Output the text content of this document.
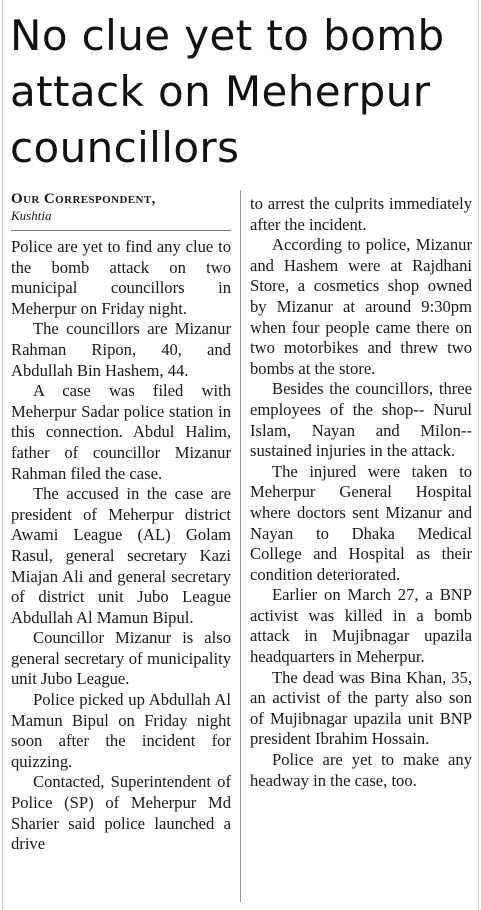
No clue yet to bomb attack on Meherpur councillors

Our Correspondent,

Kushtia

Police are yet to find any clue to the bomb attack on two municipal councillors in Meherpur on Friday night.

The councillors are Mizanur Rahman Ripon, 40, and Abdullah Bin Hashem, 44.

A case was filed with Meherpur Sadar police station in this connection. Abdul Halim, father of councillor Mizanur Rahman filed the case.

The accused in the case are president of Meherpur district Awami League (AL) Golam Rasul, general secretary Kazi Miajan Ali and general secretary of district unit Jubo League Abdullah Al Mamun Bipul.

Councillor Mizanur is also general secretary of municipality unit Jubo League.

Police picked up Abdullah Al Mamun Bipul on Friday night soon after the incident for quizzing.

Contacted, Superintendent of Police (SP) of Meherpur Md Sharier said police launched a drive

to arrest the culprits immediately after the incident.

According to police, Mizanur and Hashem were at Rajdhani Store, a cosmetics shop owned by Mizanur at around 9:30pm when four people came there on two motorbikes and threw two bombs at the store.

Besides the councillors, three employees of the shop-- Nurul Islam, Nayan and Milon-- sustained injuries in the attack.

The injured were taken to Meherpur General Hospital where doctors sent Mizanur and Nayan to Dhaka Medical College and Hospital as their condition deteriorated.

Earlier on March 27, a BNP activist was killed in a bomb attack in Mujibnagar upazila headquarters in Meherpur.

The dead was Bina Khan, 35, an activist of the party also son of Mujibnagar upazila unit BNP president Ibrahim Hossain.

Police are yet to make any headway in the case, too.
